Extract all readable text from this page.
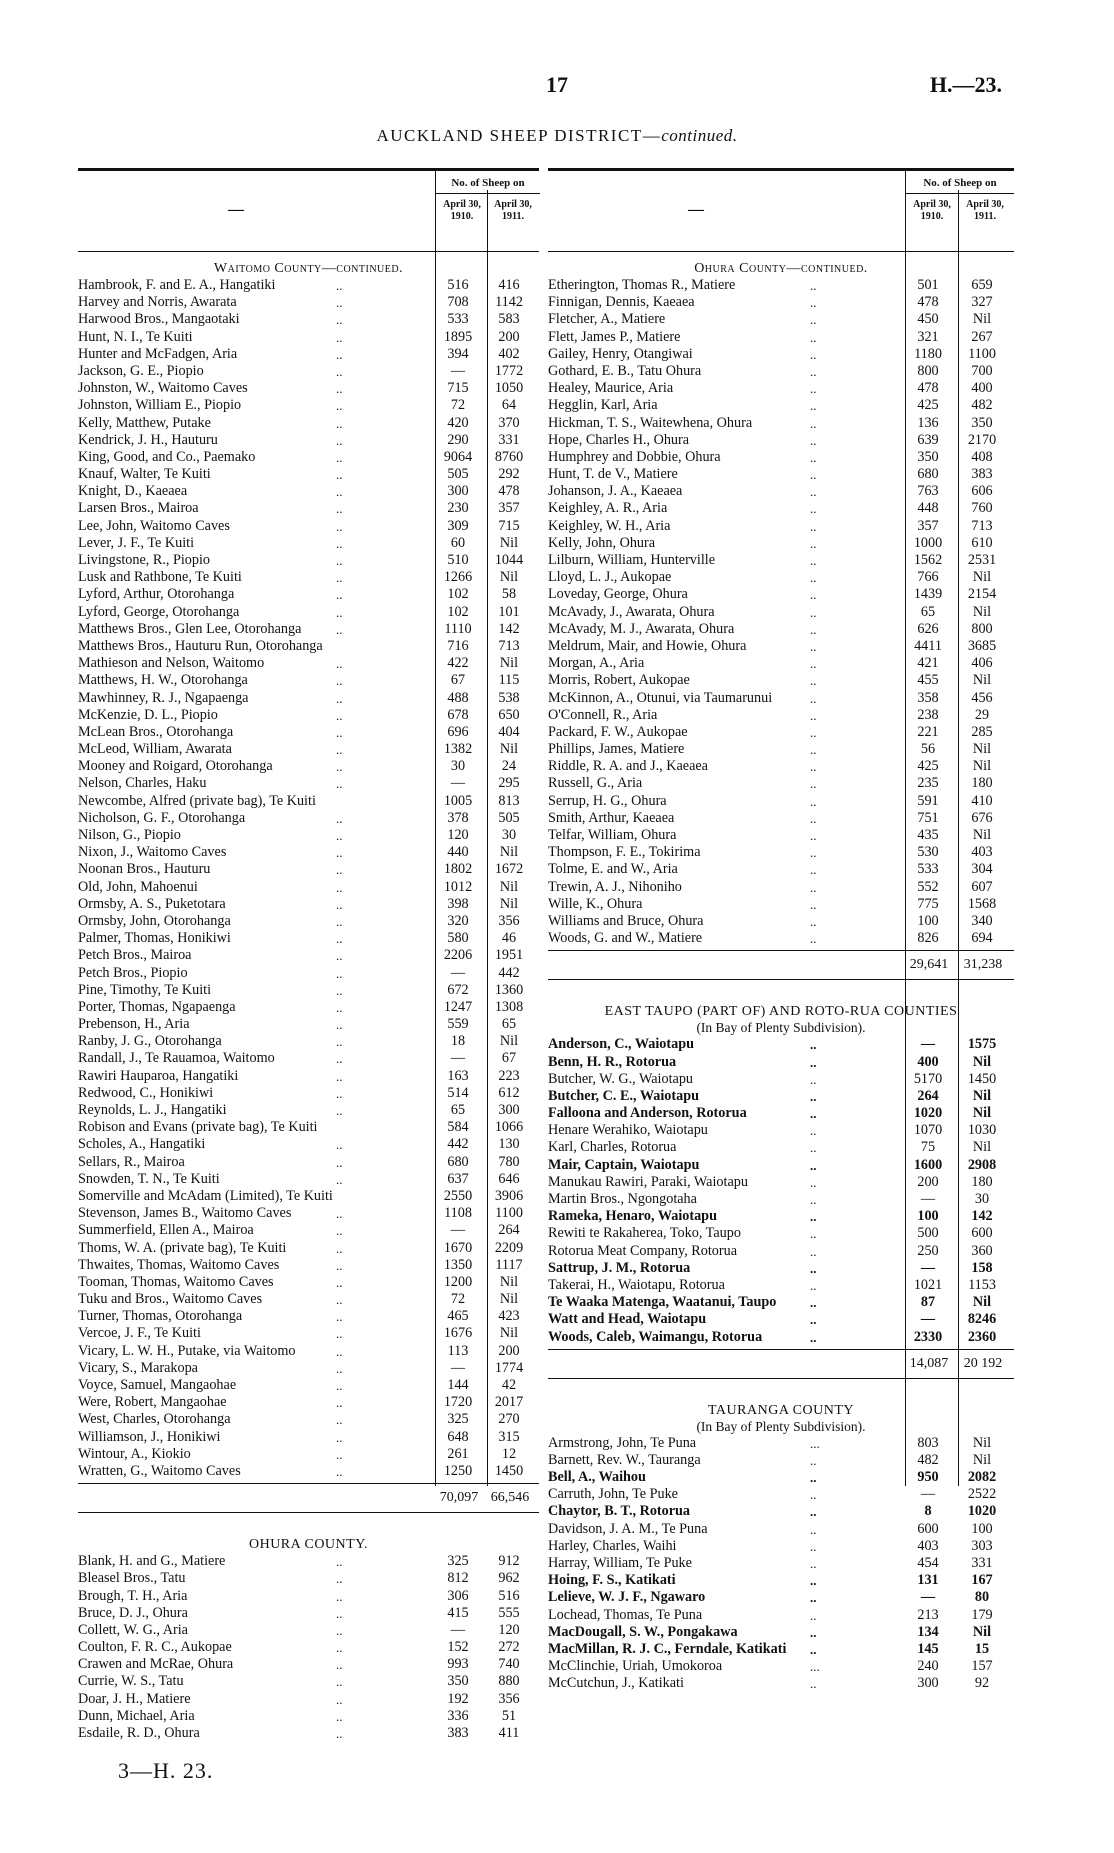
17	H.—23.
AUCKLAND SHEEP DISTRICT—continued.
—
No. of Sheep on
April 30, 1910.
April 30, 1911.
Waitomo County—continued.
Hambrook, F. and E. A., Hangatiki	..	516	416
Harvey and Norris, Awarata	..	708	1142
Harwood Bros., Mangaotaki	..	533	583
Hunt, N. I., Te Kuiti	..	1895	200
Hunter and McFadgen, Aria	..	394	402
Jackson, G. E., Piopio	..	—	1772
Johnston, W., Waitomo Caves	..	715	1050
Johnston, William E., Piopio	..	72	64
Kelly, Matthew, Putake	..	420	370
Kendrick, J. H., Hauturu	..	290	331
King, Good, and Co., Paemako	..	9064	8760
Knauf, Walter, Te Kuiti	..	505	292
Knight, D., Kaeaea	..	300	478
Larsen Bros., Mairoa	..	230	357
Lee, John, Waitomo Caves	..	309	715
Lever, J. F., Te Kuiti	..	60	Nil
Livingstone, R., Piopio	..	510	1044
Lusk and Rathbone, Te Kuiti	..	1266	Nil
Lyford, Arthur, Otorohanga	..	102	58
Lyford, George, Otorohanga	..	102	101
Matthews Bros., Glen Lee, Otorohanga	..	1110	142
Matthews Bros., Hauturu Run, Otorohanga	716	713
Mathieson and Nelson, Waitomo	..	422	Nil
Matthews, H. W., Otorohanga	..	67	115
Mawhinney, R. J., Ngapaenga	..	488	538
McKenzie, D. L., Piopio	..	678	650
McLean Bros., Otorohanga	..	696	404
McLeod, William, Awarata	..	1382	Nil
Mooney and Roigard, Otorohanga	..	30	24
Nelson, Charles, Haku	..	—	295
Newcombe, Alfred (private bag), Te Kuiti	1005	813
Nicholson, G. F., Otorohanga	..	378	505
Nilson, G., Piopio	..	120	30
Nixon, J., Waitomo Caves	..	440	Nil
Noonan Bros., Hauturu	..	1802	1672
Old, John, Mahoenui	..	1012	Nil
Ormsby, A. S., Puketotara	..	398	Nil
Ormsby, John, Otorohanga	..	320	356
Palmer, Thomas, Honikiwi	..	580	46
Petch Bros., Mairoa	..	2206	1951
Petch Bros., Piopio	..	—	442
Pine, Timothy, Te Kuiti	..	672	1360
Porter, Thomas, Ngapaenga	..	1247	1308
Prebenson, H., Aria	..	559	65
Ranby, J. G., Otorohanga	..	18	Nil
Randall, J., Te Rauamoa, Waitomo	..	—	67
Rawiri Hauparoa, Hangatiki	..	163	223
Redwood, C., Honikiwi	..	514	612
Reynolds, L. J., Hangatiki	..	65	300
Robison and Evans (private bag), Te Kuiti	584	1066
Scholes, A., Hangatiki	..	442	130
Sellars, R., Mairoa	..	680	780
Snowden, T. N., Te Kuiti	..	637	646
Somerville and McAdam (Limited), Te Kuiti	2550	3906
Stevenson, James B., Waitomo Caves	..	1108	1100
Summerfield, Ellen A., Mairoa	..	—	264
Thoms, W. A. (private bag), Te Kuiti	..	1670	2209
Thwaites, Thomas, Waitomo Caves	..	1350	1117
Tooman, Thomas, Waitomo Caves	..	1200	Nil
Tuku and Bros., Waitomo Caves	..	72	Nil
Turner, Thomas, Otorohanga	..	465	423
Vercoe, J. F., Te Kuiti	..	1676	Nil
Vicary, L. W. H., Putake, via Waitomo	..	113	200
Vicary, S., Marakopa	..	—	1774
Voyce, Samuel, Mangaohae	..	144	42
Were, Robert, Mangaohae	..	1720	2017
West, Charles, Otorohanga	..	325	270
Williamson, J., Honikiwi	..	648	315
Wintour, A., Kiokio	..	261	12
Wratten, G., Waitomo Caves	..	1250	1450
70,097 66,546
OHURA COUNTY.
Blank, H. and G., Matiere	..	325	912
Bleasel Bros., Tatu	..	812	962
Brough, T. H., Aria	..	306	516
Bruce, D. J., Ohura	..	415	555
Collett, W. G., Aria	..	—	120
Coulton, F. R. C., Aukopae	..	152	272
Crawen and McRae, Ohura	..	993	740
Currie, W. S., Tatu	..	350	880
Doar, J. H., Matiere	..	192	356
Dunn, Michael, Aria	..	336	51
Esdaile, R. D., Ohura	..	383	411
—
No. of Sheep on
April 30, 1910.
April 30, 1911.
Ohura County—continued.
Etherington, Thomas R., Matiere	..	501	659
Finnigan, Dennis, Kaeaea	..	478	327
Fletcher, A., Matiere	..	450	Nil
Flett, James P., Matiere	..	321	267
Gailey, Henry, Otangiwai	..	1180	1100
Gothard, E. B., Tatu Ohura	..	800	700
Healey, Maurice, Aria	..	478	400
Hegglin, Karl, Aria	..	425	482
Hickman, T. S., Waitewhena, Ohura	..	136	350
Hope, Charles H., Ohura	..	639	2170
Humphrey and Dobbie, Ohura	..	350	408
Hunt, T. de V., Matiere	..	680	383
Johanson, J. A., Kaeaea	..	763	606
Keighley, A. R., Aria	..	448	760
Keighley, W. H., Aria	..	357	713
Kelly, John, Ohura	..	1000	610
Lilburn, William, Hunterville	..	1562	2531
Lloyd, L. J., Aukopae	..	766	Nil
Loveday, George, Ohura	..	1439	2154
McAvady, J., Awarata, Ohura	..	65	Nil
McAvady, M. J., Awarata, Ohura	..	626	800
Meldrum, Mair, and Howie, Ohura	..	4411	3685
Morgan, A., Aria	..	421	406
Morris, Robert, Aukopae	..	455	Nil
McKinnon, A., Otunui, via Taumarunui	..	358	456
O'Connell, R., Aria	..	238	29
Packard, F. W., Aukopae	..	221	285
Phillips, James, Matiere	..	56	Nil
Riddle, R. A. and J., Kaeaea	..	425	Nil
Russell, G., Aria	..	235	180
Serrup, H. G., Ohura	..	591	410
Smith, Arthur, Kaeaea	..	751	676
Telfar, William, Ohura	..	435	Nil
Thompson, F. E., Tokirima	..	530	403
Tolme, E. and W., Aria	..	533	304
Trewin, A. J., Nihoniho	..	552	607
Wille, K., Ohura	..	775	1568
Williams and Bruce, Ohura	..	100	340
Woods, G. and W., Matiere	..	826	694
29,641	31,238
EAST TAUPO (PART OF) AND ROTO-RUA COUNTIES
(In Bay of Plenty Subdivision).
Anderson, C., Waiotapu	..	—	1575
Benn, H. R., Rotorua	..	400	Nil
Butcher, W. G., Waiotapu	..	5170	1450
Butcher, C. E., Waiotapu	..	264	Nil
Falloona and Anderson, Rotorua	..	1020	Nil
Henare Werahiko, Waiotapu	..	1070	1030
Karl, Charles, Rotorua	..	75	Nil
Mair, Captain, Waiotapu	..	1600	2908
Manukau Rawiri, Paraki, Waiotapu	..	200	180
Martin Bros., Ngongotaha	..	—	30
Rameka, Henaro, Waiotapu	..	100	142
Rewiti te Rakaherea, Toko, Taupo	..	500	600
Rotorua Meat Company, Rotorua	..	250	360
Sattrup, J. M., Rotorua	..	—	158
Takerai, H., Waiotapu, Rotorua	..	1021	1153
Te Waaka Matenga, Waatanui, Taupo	..	87	Nil
Watt and Head, Waiotapu	..	—	8246
Woods, Caleb, Waimangu, Rotorua	..	2330	2360
14,087	20 192
TAURANGA COUNTY
(In Bay of Plenty Subdivision).
Armstrong, John, Te Puna	...	803	Nil
Barnett, Rev. W., Tauranga	..	482	Nil
Bell, A., Waihou	..	950	2082
Carruth, John, Te Puke	..	—	2522
Chaytor, B. T., Rotorua	..	8	1020
Davidson, J. A. M., Te Puna	..	600	100
Harley, Charles, Waihi	..	403	303
Harray, William, Te Puke	..	454	331
Hoing, F. S., Katikati	..	131	167
Lelieve, W. J. F., Ngawaro	..	—	80
Lochead, Thomas, Te Puna	..	213	179
MacDougall, S. W., Pongakawa	..	134	Nil
MacMillan, R. J. C., Ferndale, Katikati ..	145	15
McClinchie, Uriah, Umokoroa	...	240	157
McCutchun, J., Katikati	..	300	92
3—H. 23.
